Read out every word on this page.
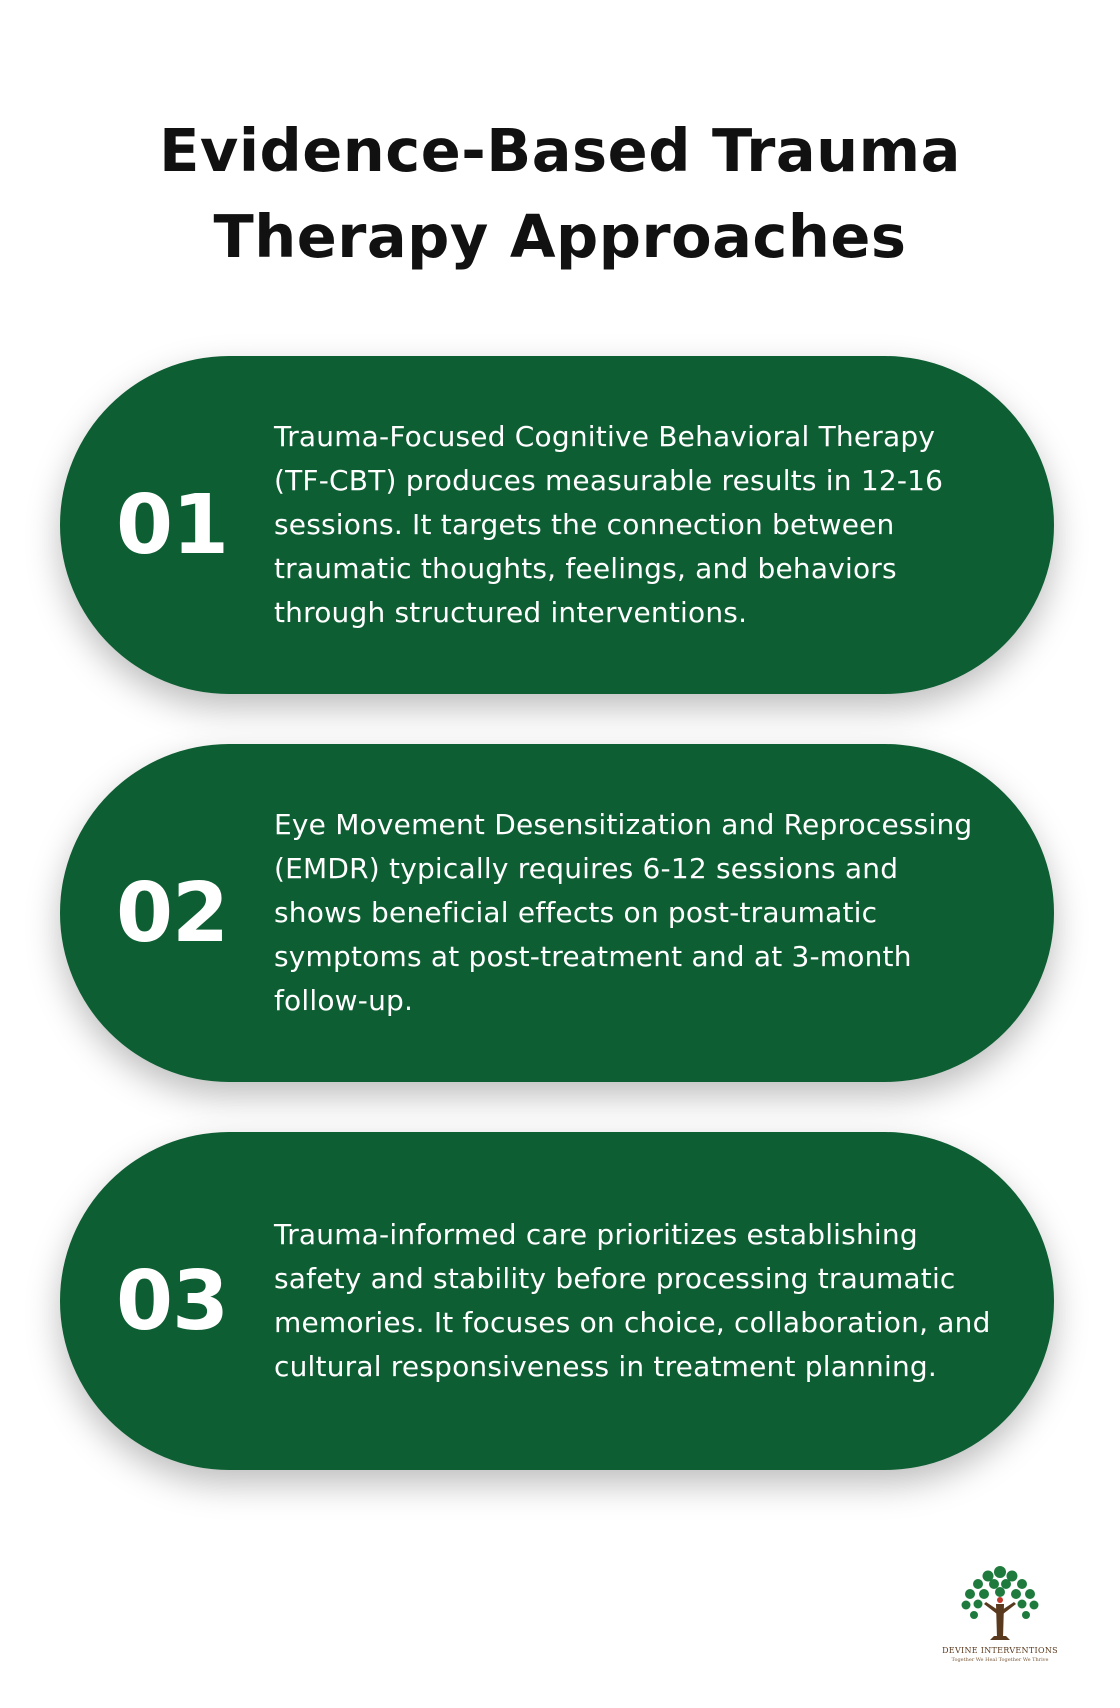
Evidence-Based Trauma Therapy Approaches
01
Trauma-Focused Cognitive Behavioral Therapy (TF-CBT) produces measurable results in 12-16 sessions. It targets the connection between traumatic thoughts, feelings, and behaviors through structured interventions.
02
Eye Movement Desensitization and Reprocessing (EMDR) typically requires 6-12 sessions and shows beneficial effects on post-traumatic symptoms at post-treatment and at 3-month follow-up.
03
Trauma-informed care prioritizes establishing safety and stability before processing traumatic memories. It focuses on choice, collaboration, and cultural responsiveness in treatment planning.
DEVINE INTERVENTIONS
Together We Heal Together We Thrive
